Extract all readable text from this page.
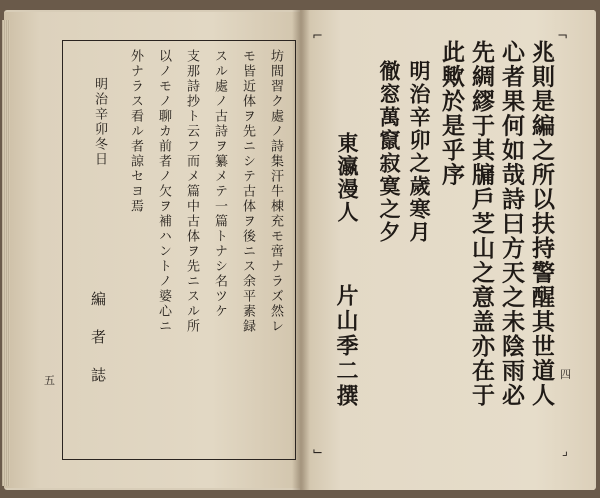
坊間習ク處ノ詩集汗牛棟充モ啻ナラズ然レ
モ皆近体ヲ先ニシテ古体ヲ後ニス余平素録
スル處ノ古詩ヲ纂メテ一篇トナシ名ツケ
支那詩抄ト云フ而メ篇中古体ヲ先ニスル所
以ノモノ聊カ前者ノ欠ヲ補ハントノ婆心ニ
外ナラス看ル者諒セヨ焉
明治辛卯冬日
編　者　誌
五
⌐	¬
⌙	⌟
兆則是編之所以扶持警醒其世道人
心者果何如哉詩曰方天之未陰雨必
先綢繆于其牖戶芝山之意盖亦在于
此歟於是乎序
明治辛卯之歲寒月
徹窓萬竄寂寞之夕
東瀛漫人
片山季二撰	四
